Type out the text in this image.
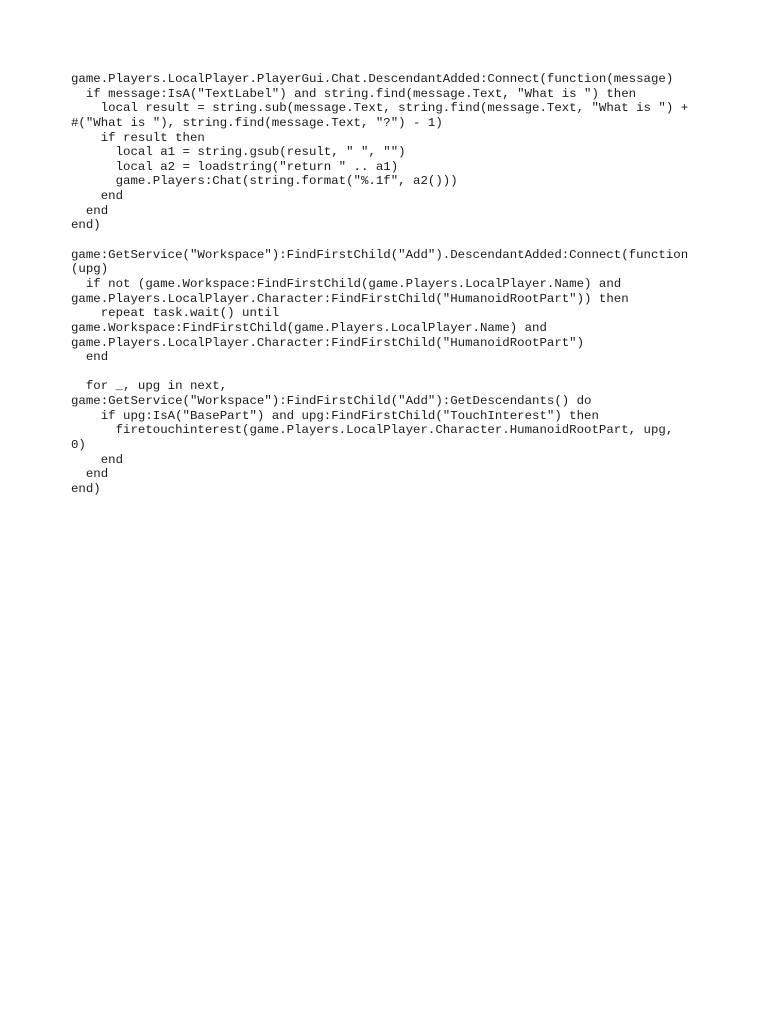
game.Players.LocalPlayer.PlayerGui.Chat.DescendantAdded:Connect(function(message)
if message:IsA("TextLabel") and string.find(message.Text, "What is ") then
local result = string.sub(message.Text, string.find(message.Text, "What is ") +
#("What is "), string.find(message.Text, "?") - 1)
if result then
local a1 = string.gsub(result, " ", "")
local a2 = loadstring("return " .. a1)
game.Players:Chat(string.format("%.1f", a2()))
end
end
end)
game:GetService("Workspace"):FindFirstChild("Add").DescendantAdded:Connect(function
(upg)
if not (game.Workspace:FindFirstChild(game.Players.LocalPlayer.Name) and
game.Players.LocalPlayer.Character:FindFirstChild("HumanoidRootPart")) then
repeat task.wait() until
game.Workspace:FindFirstChild(game.Players.LocalPlayer.Name) and
game.Players.LocalPlayer.Character:FindFirstChild("HumanoidRootPart")
end
for _, upg in next,
game:GetService("Workspace"):FindFirstChild("Add"):GetDescendants() do
if upg:IsA("BasePart") and upg:FindFirstChild("TouchInterest") then
firetouchinterest(game.Players.LocalPlayer.Character.HumanoidRootPart, upg,
0)
end
end
end)
